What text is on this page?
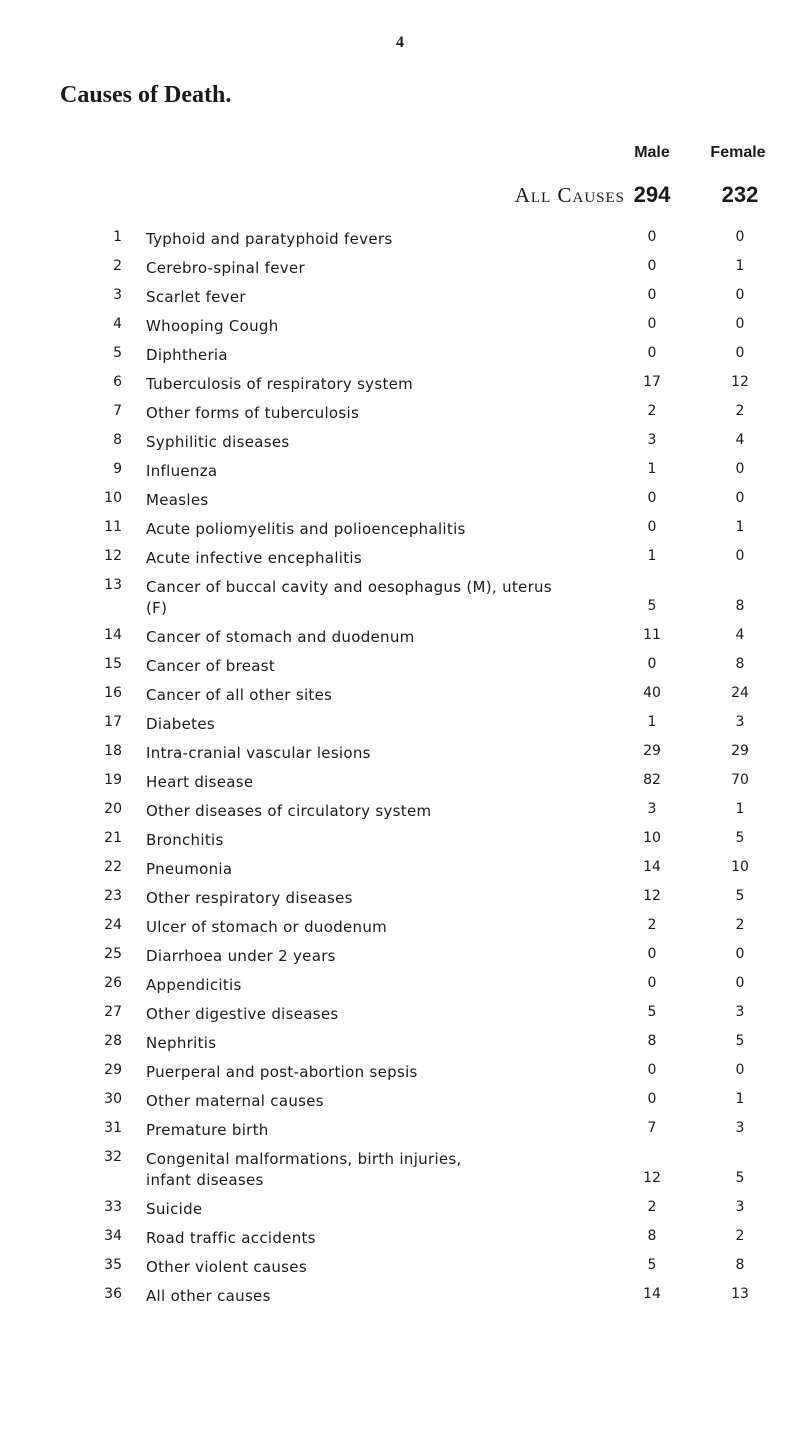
4
Causes of Death.
Male	Female
All Causes 294	232
1 Typhoid and paratyphoid fevers	0	0
2 Cerebro-spinal fever	0	1
3 Scarlet fever	0	0
4 Whooping Cough	0	0
5 Diphtheria	0	0
6 Tuberculosis of respiratory system	17	12
7 Other forms of tuberculosis	2	2
8 Syphilitic diseases	3	4
9 Influenza	1	0
10 Measles	0	0
11 Acute poliomyelitis and polioencephalitis	0	1
12 Acute infective encephalitis	1	0
13 Cancer of buccal cavity and oesophagus (M), uterus
(F)	5	8
14 Cancer of stomach and duodenum	11	4
15 Cancer of breast	0	8
16 Cancer of all other sites	40	24
17 Diabetes	1	3
18 Intra-cranial vascular lesions	29	29
19 Heart disease	82	70
20 Other diseases of circulatory system	3	1
21 Bronchitis	10	5
22 Pneumonia	14	10
23 Other respiratory diseases	12	5
24 Ulcer of stomach or duodenum	2	2
25 Diarrhoea under 2 years	0	0
26 Appendicitis	0	0
27 Other digestive diseases	5	3
28 Nephritis	8	5
29 Puerperal and post-abortion sepsis	0	0
30 Other maternal causes	0	1
31 Premature birth	7	3
32 Congenital malformations, birth injuries,
infant diseases	12	5
33 Suicide	2	3
34 Road traffic accidents	8	2
35 Other violent causes	5	8
36 All other causes	14	13
